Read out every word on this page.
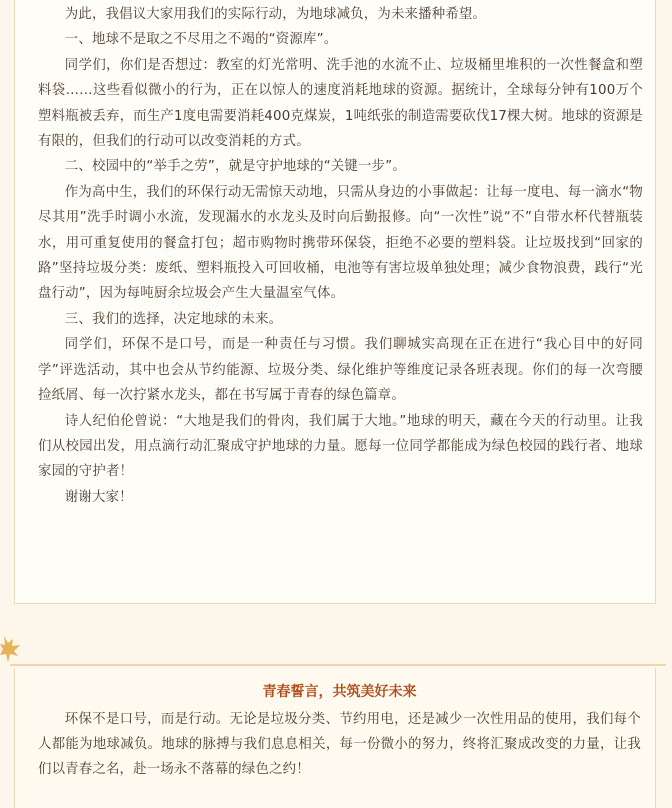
为此，我倡议大家用我们的实际行动，为地球减负，为未来播种希望。

一、地球不是取之不尽用之不竭的“资源库”。

同学们，你们是否想过：教室的灯光常明、洗手池的水流不止、垃圾桶里堆积的一次性餐盒和塑料袋……这些看似微小的行为，正在以惊人的速度消耗地球的资源。据统计，全球每分钟有100万个塑料瓶被丢弃，而生产1度电需要消耗400克煤炭，1吨纸张的制造需要砍伐17棵大树。地球的资源是有限的，但我们的行动可以改变消耗的方式。

二、校园中的“举手之劳”，就是守护地球的“关键一步”。

作为高中生，我们的环保行动无需惊天动地，只需从身边的小事做起：让每一度电、每一滴水“物尽其用”洗手时调小水流，发现漏水的水龙头及时向后勤报修。向“一次性”说“不”自带水杯代替瓶装水，用可重复使用的餐盒打包；超市购物时携带环保袋，拒绝不必要的塑料袋。让垃圾找到“回家的路”坚持垃圾分类：废纸、塑料瓶投入可回收桶，电池等有害垃圾单独处理；减少食物浪费，践行“光盘行动”，因为每吨厨余垃圾会产生大量温室气体。

三、我们的选择，决定地球的未来。

同学们，环保不是口号，而是一种责任与习惯。我们聊城实高现在正在进行“我心目中的好同学”评选活动，其中也会从节约能源、垃圾分类、绿化维护等维度记录各班表现。你们的每一次弯腰捡纸屑、每一次拧紧水龙头，都在书写属于青春的绿色篇章。

诗人纪伯伦曾说：“大地是我们的骨肉，我们属于大地。”地球的明天，藏在今天的行动里。让我们从校园出发，用点滴行动汇聚成守护地球的力量。愿每一位同学都能成为绿色校园的践行者、地球家园的守护者！

谢谢大家！

青春誓言，共筑美好未来

环保不是口号，而是行动。无论是垃圾分类、节约用电，还是减少一次性用品的使用，我们每个人都能为地球减负。地球的脉搏与我们息息相关，每一份微小的努力，终将汇聚成改变的力量，让我们以青春之名，赴一场永不落幕的绿色之约！
